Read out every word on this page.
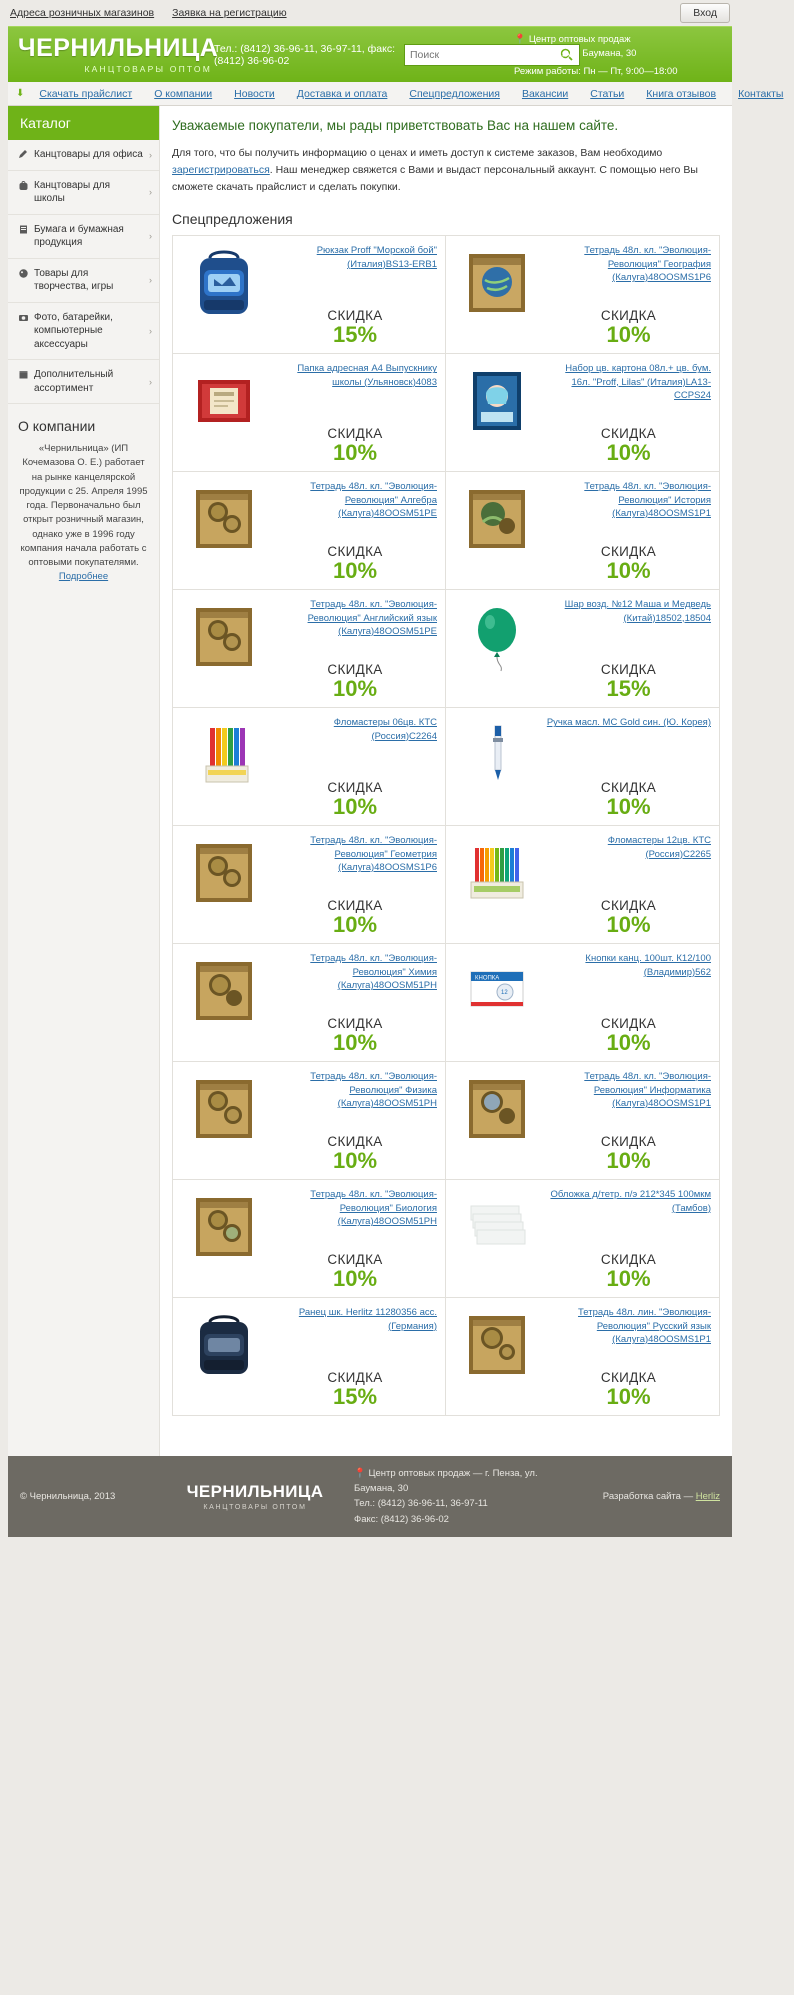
Адреса розничных магазинов Заявка на регистрацию	Вход
ЧЕРНИЛЬНИЦА
КАНЦТОВАРЫ ОПТОМ
Тел.: (8412) 36-96-11, 36-97-11, факс: (8412) 36-96-02
Поиск
📍 Центр оптовых продаж
г. Пенза, ул. Баумана, 30
Режим работы: Пн — Пт, 9:00—18:00
⬇	Скачать прайслист	О компании	Новости	Доставка и оплата	Спецпредложения	Вакансии	Статьи	Книга отзывов	Контакты
Каталог
Канцтовары для офиса ›
Канцтовары для школы
›
Бумага и бумажная продукция
›
Товары для творчества, игры
›
Фото, батарейки, компьютерные аксессуары
›
Дополнительный ассортимент
›
О компании
«Чернильница» (ИП Кочемазова О. Е.) работает на рынке канцелярской продукции с 25. Апреля 1995 года. Первоначально был открыт розничный магазин, однако уже в 1996 году компания начала работать с оптовыми покупателями. Подробнее
Уважаемые покупатели, мы рады приветствовать Вас на нашем сайте.
Для того, что бы получить информацию о ценах и иметь доступ к системе заказов, Вам необходимо зарегистрироваться. Наш менеджер свяжется с Вами и выдаст персональный аккаунт. С помощью него Вы сможете скачать прайслист и сделать покупки.
Спецпредложения
Рюкзак Proff "Морской бой" (Италия)BS13-ERB1
СКИДКА
15%
Тетрадь 48л. кл. "Эволюция-Революция" География (Калуга)48OOSMS1P6
СКИДКА
10%
Папка адресная А4 Выпускнику школы (Ульяновск)4083
СКИДКА
10%
Набор цв. картона 08л.+ цв. бум. 16л. "Proff, Lilas" (Италия)LA13-CCPS24
СКИДКА
10%
Тетрадь 48л. кл. "Эволюция-Революция" Алгебра (Калуга)48OOSM51PE
СКИДКА
10%
Тетрадь 48л. кл. "Эволюция-Революция" История (Калуга)48OOSMS1P1
СКИДКА
10%
Тетрадь 48л. кл. "Эволюция-Революция" Английский язык (Калуга)48OOSM51PE
СКИДКА
10%
Шар возд. №12 Маша и Медведь (Китай)18502,18504
СКИДКА
15%
Фломастеры 06цв. КТС (Россия)C2264
СКИДКА
10%
Ручка масл. MC Gold син. (Ю. Корея)
СКИДКА
10%
Тетрадь 48л. кл. "Эволюция-Революция" Геометрия (Калуга)48OOSMS1P6
СКИДКА
10%
Фломастеры 12цв. КТС (Россия)C2265
СКИДКА
10%
Тетрадь 48л. кл. "Эволюция-Революция" Химия (Калуга)48OOSM51PH
СКИДКА
10%
КНОПКА
12
Кнопки канц. 100шт. К12/100 (Владимир)562
СКИДКА
10%
Тетрадь 48л. кл. "Эволюция-Революция" Физика (Калуга)48OOSM51PH
СКИДКА
10%
Тетрадь 48л. кл. "Эволюция-Революция" Информатика (Калуга)48OOSMS1P1
СКИДКА
10%
Тетрадь 48л. кл. "Эволюция-Революция" Биология (Калуга)48OOSM51PH
СКИДКА
10%
Обложка д/тетр. п/э 212*345 100мкм (Тамбов)
СКИДКА
10%
Ранец шк. Herlitz 11280356 асс.(Германия)
СКИДКА
15%
Тетрадь 48л. лин. "Эволюция-Революция" Русский язык (Калуга)48OOSMS1P1
СКИДКА
10%
© Чернильница, 2013	ЧЕРНИЛЬНИЦА
КАНЦТОВАРЫ ОПТОМ
📍 Центр оптовых продаж — г. Пенза, ул. Баумана, 30
Тел.: (8412) 36-96-11, 36-97-11
Факс: (8412) 36-96-02
Разработка сайта — Herliz
